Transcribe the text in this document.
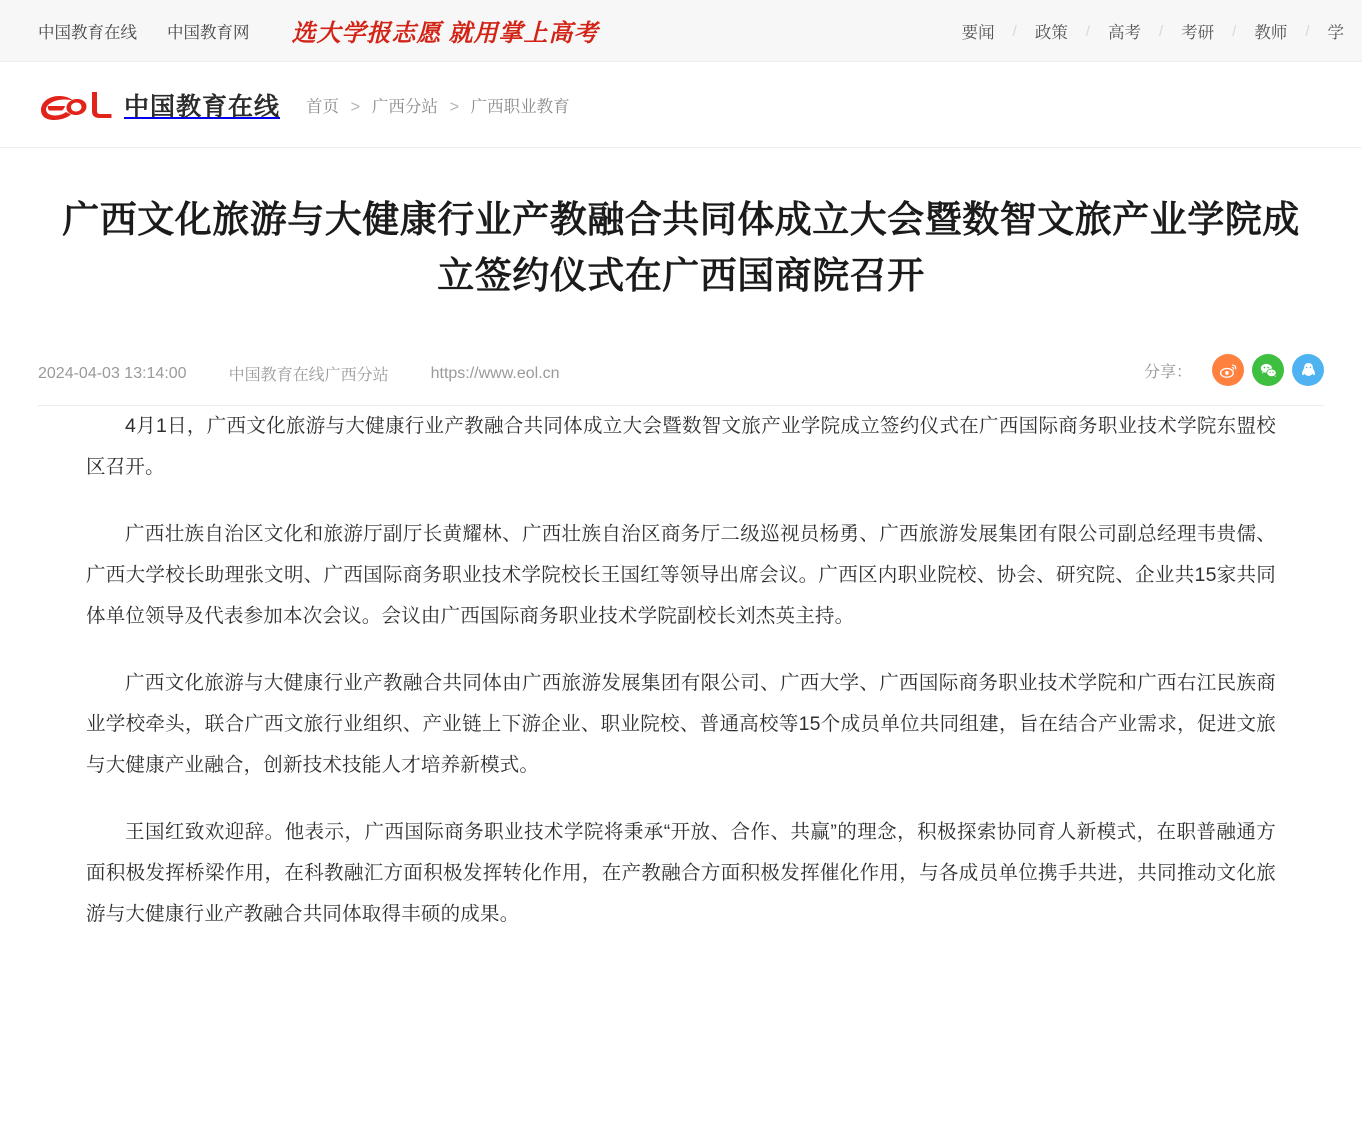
中国教育在线 中国教育网 选大学报志愿 就用掌上高考	要闻	/	政策	/	高考	/	考研	/	教师	/	学
中国教育在线 首页 > 广西分站 > 广西职业教育
广西文化旅游与大健康行业产教融合共同体成立大会暨数智文旅产业学院成立签约仪式在广西国商院召开
2024-04-03 13:14:00	中国教育在线广西分站	https://www.eol.cn	分享：

4月1日，广西文化旅游与大健康行业产教融合共同体成立大会暨数智文旅产业学院成立签约仪式在广西国际商务职业技术学院东盟校区召开。

广西壮族自治区文化和旅游厅副厅长黄耀林、广西壮族自治区商务厅二级巡视员杨勇、广西旅游发展集团有限公司副总经理韦贵儒、广西大学校长助理张文明、广西国际商务职业技术学院校长王国红等领导出席会议。广西区内职业院校、协会、研究院、企业共15家共同体单位领导及代表参加本次会议。会议由广西国际商务职业技术学院副校长刘杰英主持。

广西文化旅游与大健康行业产教融合共同体由广西旅游发展集团有限公司、广西大学、广西国际商务职业技术学院和广西右江民族商业学校牵头，联合广西文旅行业组织、产业链上下游企业、职业院校、普通高校等15个成员单位共同组建，旨在结合产业需求，促进文旅与大健康产业融合，创新技术技能人才培养新模式。

王国红致欢迎辞。他表示，广西国际商务职业技术学院将秉承“开放、合作、共赢”的理念，积极探索协同育人新模式，在职普融通方面积极发挥桥梁作用，在科教融汇方面积极发挥转化作用，在产教融合方面积极发挥催化作用，与各成员单位携手共进，共同推动文化旅游与大健康行业产教融合共同体取得丰硕的成果。
